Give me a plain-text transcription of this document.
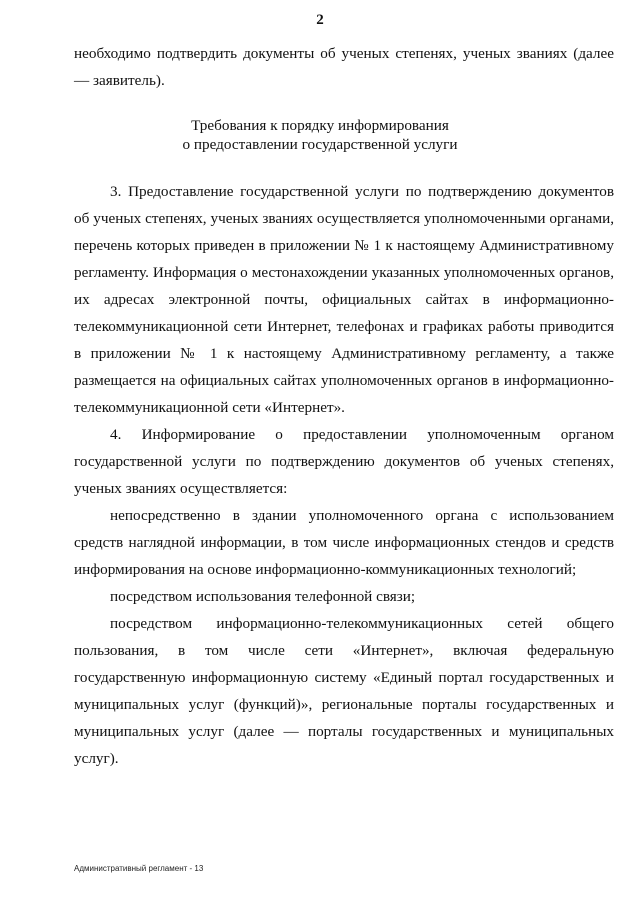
2

необходимо подтвердить документы об ученых степенях, ученых званиях (далее — заявитель).

Требования к порядку информирования
о предоставлении государственной услуги

3. Предоставление государственной услуги по подтверждению документов об ученых степенях, ученых званиях осуществляется уполномоченными органами, перечень которых приведен в приложении № 1 к настоящему Административному регламенту. Информация о местонахождении указанных уполномоченных органов, их адресах электронной почты, официальных сайтах в информационно-телекоммуникационной сети Интернет, телефонах и графиках работы приводится в приложении № 1 к настоящему Административному регламенту, а также размещается на официальных сайтах уполномоченных органов в информационно-телекоммуникационной сети «Интернет».

4. Информирование о предоставлении уполномоченным органом государственной услуги по подтверждению документов об ученых степенях, ученых званиях осуществляется:

непосредственно в здании уполномоченного органа с использованием средств наглядной информации, в том числе информационных стендов и средств информирования на основе информационно-коммуникационных технологий;

посредством использования телефонной связи;

посредством информационно-телекоммуникационных сетей общего пользования, в том числе сети «Интернет», включая федеральную государственную информационную систему «Единый портал государственных и муниципальных услуг (функций)», региональные порталы государственных и муниципальных услуг (далее — порталы государственных и муниципальных услуг).

Административный регламент - 13
